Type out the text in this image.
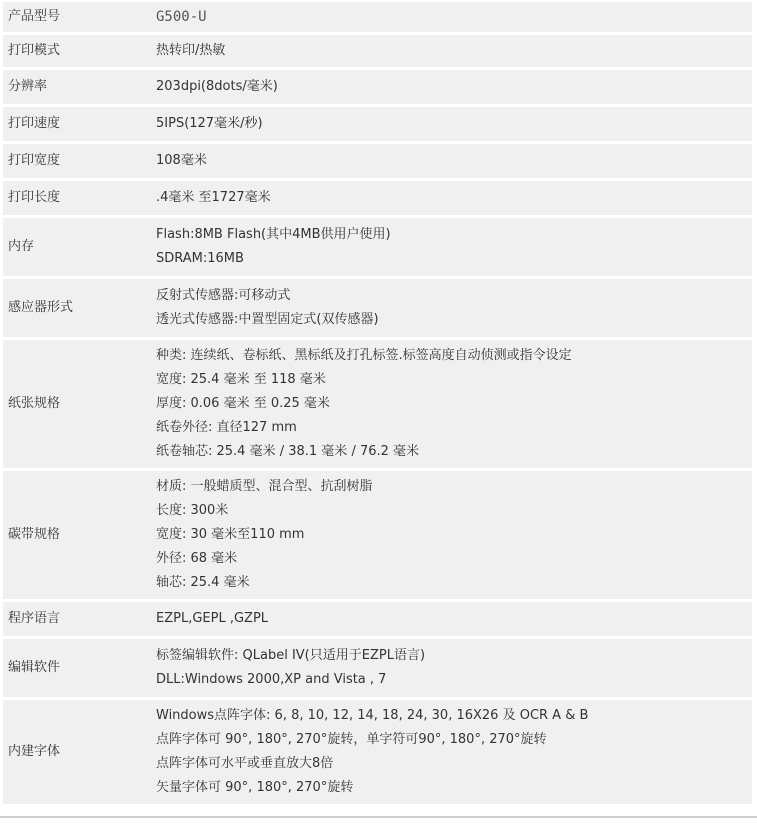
产品型号	G500-U

打印模式	热转印/热敏

分辨率	203dpi(8dots/毫米)

打印速度	5IPS(127毫米/秒)

打印宽度	108毫米

打印长度	.4毫米 至1727毫米

内存	Flash:8MB Flash(其中4MB供用户使用)
SDRAM:16MB

感应器形式	反射式传感器:可移动式
透光式传感器:中置型固定式(双传感器)

纸张规格	种类: 连续纸、卷标纸、黑标纸及打孔标签.标签高度自动侦测或指令设定
宽度: 25.4 毫米 至 118 毫米
厚度: 0.06 毫米 至 0.25 毫米
纸卷外径: 直径127 mm
纸卷轴芯: 25.4 毫米 / 38.1 毫米 / 76.2 毫米

碳带规格	材质: 一般蜡质型、混合型、抗刮树脂
长度: 300米
宽度: 30 毫米至110 mm
外径: 68 毫米
轴芯: 25.4 毫米

程序语言	EZPL,GEPL ,GZPL

编辑软件	标签编辑软件: QLabel IV(只适用于EZPL语言)
DLL:Windows 2000,XP and Vista , 7

内建字体	Windows点阵字体: 6, 8, 10, 12, 14, 18, 24, 30, 16X26 及 OCR A & B
点阵字体可 90°, 180°, 270°旋转，单字符可90°, 180°, 270°旋转
点阵字体可水平或垂直放大8倍
矢量字体可 90°, 180°, 270°旋转
